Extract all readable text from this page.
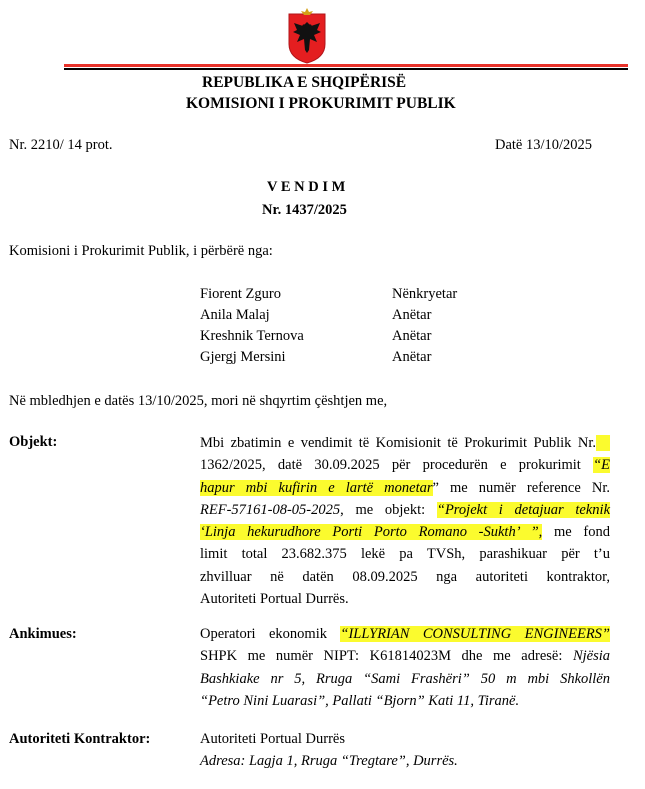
REPUBLIKA E SHQIPËRISË
KOMISIONI I PROKURIMIT PUBLIK
Nr. 2210/ 14 prot.	Datë 13/10/2025
V E N D I M
Nr. 1437/2025
Komisioni i Prokurimit Publik, i përbërë nga:
Fiorent Zguro	Nënkryetar
Anila Malaj	Anëtar
Kreshnik Ternova	Anëtar
Gjergj Mersini	Anëtar
Në mbledhjen e datës 13/10/2025, mori në shqyrtim çështjen me,
Objekt:	Mbi zbatimin e vendimit të Komisionit të Prokurimit Publik Nr.
1362/2025, datë 30.09.2025 për procedurën e prokurimit “E
hapur mbi kufirin e lartë monetar” me numër reference Nr.
REF-57161-08-05-2025, me objekt: “Projekt i detajuar teknik
‘Linja hekurudhore Porti Porto Romano -Sukth’ ”, me fond
limit total 23.682.375 lekë pa TVSh, parashikuar për t’u
zhvilluar në datën 08.09.2025 nga autoriteti kontraktor,
Autoriteti Portual Durrës.
Ankimues:	Operatori ekonomik “ILLYRIAN CONSULTING ENGINEERS”
SHPK me numër NIPT: K61814023M dhe me adresë: Njësia
Bashkiake nr 5, Rruga “Sami Frashëri” 50 m mbi Shkollën
“Petro Nini Luarasi”, Pallati “Bjorn” Kati 11, Tiranë.
Autoriteti Kontraktor:	Autoriteti Portual Durrës
Adresa: Lagja 1, Rruga “Tregtare”, Durrës.
